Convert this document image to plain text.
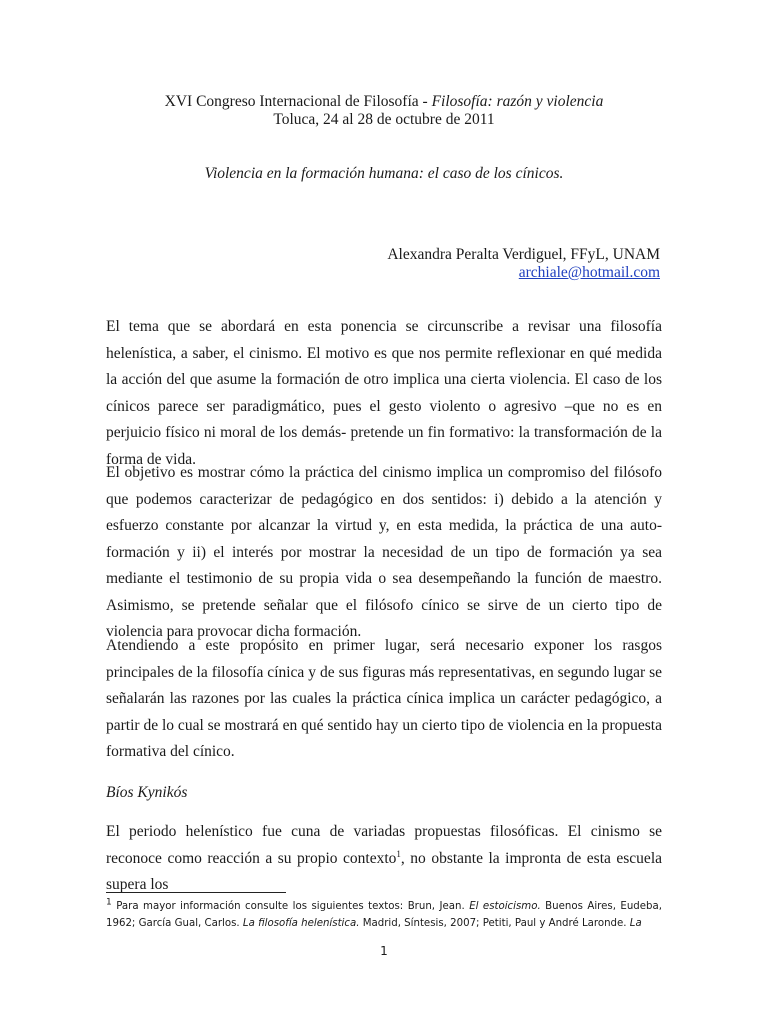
XVI Congreso Internacional de Filosofía - Filosofía: razón y violencia
Toluca, 24 al 28 de octubre de 2011
Violencia en la formación humana: el caso de los cínicos.
Alexandra Peralta Verdiguel, FFyL, UNAM
archiale@hotmail.com

El tema que se abordará en esta ponencia se circunscribe a revisar una filosofía helenística, a saber, el cinismo. El motivo es que nos permite reflexionar en qué medida la acción del que asume la formación de otro implica una cierta violencia. El caso de los cínicos parece ser paradigmático, pues el gesto violento o agresivo –que no es en perjuicio físico ni moral de los demás- pretende un fin formativo: la transformación de la forma de vida.

El objetivo es mostrar cómo la práctica del cinismo implica un compromiso del filósofo que podemos caracterizar de pedagógico en dos sentidos: i) debido a la atención y esfuerzo constante por alcanzar la virtud y, en esta medida, la práctica de una auto-formación y ii) el interés por mostrar la necesidad de un tipo de formación ya sea mediante el testimonio de su propia vida o sea desempeñando la función de maestro. Asimismo, se pretende señalar que el filósofo cínico se sirve de un cierto tipo de violencia para provocar dicha formación.

Atendiendo a este propósito en primer lugar, será necesario exponer los rasgos principales de la filosofía cínica y de sus figuras más representativas, en segundo lugar se señalarán las razones por las cuales la práctica cínica implica un carácter pedagógico, a partir de lo cual se mostrará en qué sentido hay un cierto tipo de violencia en la propuesta formativa del cínico.

Bíos Kynikós

El periodo helenístico fue cuna de variadas propuestas filosóficas. El cinismo se reconoce como reacción a su propio contexto$^1$, no obstante la impronta de esta escuela supera los

$^1$ Para mayor información consulte los siguientes textos: Brun, Jean. El estoicismo. Buenos Aires, Eudeba, 1962; García Gual, Carlos. La filosofía helenística. Madrid, Síntesis, 2007; Petiti, Paul y André Laronde. La

1
